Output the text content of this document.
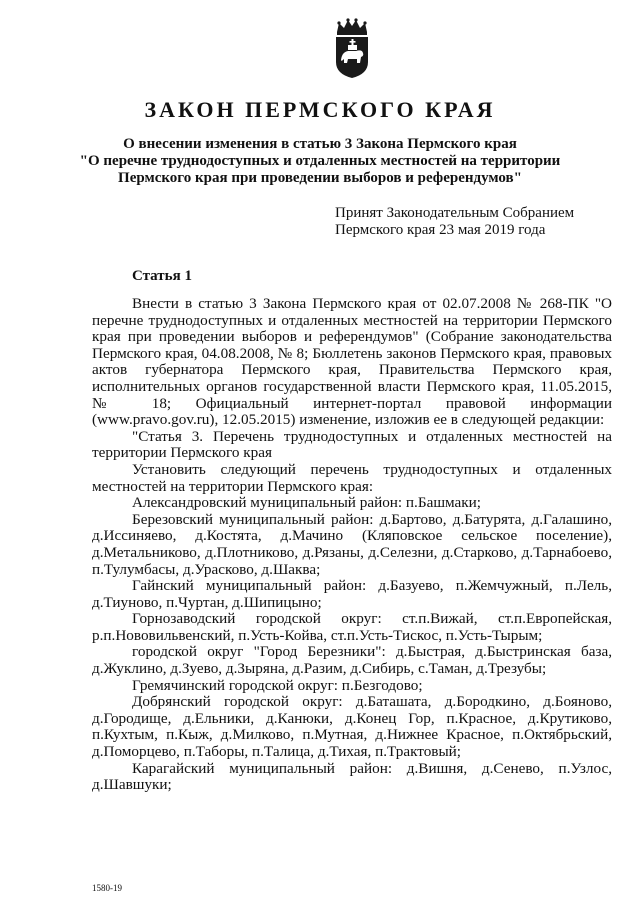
ЗАКОН ПЕРМСКОГО КРАЯ
О внесении изменения в статью 3 Закона Пермского края
"О перечне труднодоступных и отдаленных местностей на территории
Пермского края при проведении выборов и референдумов"
Принят Законодательным Собранием
Пермского края 23 мая 2019 года
Статья 1

Внести в статью 3 Закона Пермского края от 02.07.2008 № 268-ПК "О перечне труднодоступных и отдаленных местностей на территории Пермского края при проведении выборов и референдумов" (Собрание законодательства Пермского края, 04.08.2008, № 8; Бюллетень законов Пермского края, правовых актов губернатора Пермского края, Правительства Пермского края, исполнительных органов государственной власти Пермского края, 11.05.2015, № 18; Официальный интернет-портал правовой информации (www.pravo.gov.ru), 12.05.2015) изменение, изложив ее в следующей редакции:

"Статья 3. Перечень труднодоступных и отдаленных местностей на территории Пермского края

Установить следующий перечень труднодоступных и отдаленных местностей на территории Пермского края:

Александровский муниципальный район: п.Башмаки;

Березовский муниципальный район: д.Бартово, д.Батурята, д.Галашино, д.Иссиняево, д.Костята, д.Мачино (Кляповское сельское поселение), д.Метальниково, д.Плотниково, д.Рязаны, д.Селезни, д.Старково, д.Тарнабоево, п.Тулумбасы, д.Урасково, д.Шаква;

Гайнский муниципальный район: д.Базуево, п.Жемчужный, п.Лель, д.Тиуново, п.Чуртан, д.Шипицыно;

Горнозаводский городской округ: ст.п.Вижай, ст.п.Европейская, р.п.Нововильвенский, п.Усть-Койва, ст.п.Усть-Тискос, п.Усть-Тырым;

городской округ "Город Березники": д.Быстрая, д.Быстринская база, д.Жуклино, д.Зуево, д.Зыряна, д.Разим, д.Сибирь, с.Таман, д.Трезубы;

Гремячинский городской округ: п.Безгодово;

Добрянский городской округ: д.Баташата, д.Бородкино, д.Бояново, д.Городище, д.Ельники, д.Канюки, д.Конец Гор, п.Красное, д.Крутиково, п.Кухтым, п.Кыж, д.Милково, п.Мутная, д.Нижнее Красное, п.Октябрьский, д.Поморцево, п.Таборы, п.Талица, д.Тихая, п.Трактовый;

Карагайский муниципальный район: д.Вишня, д.Сенево, п.Узлос, д.Шавшуки;

1580-19
